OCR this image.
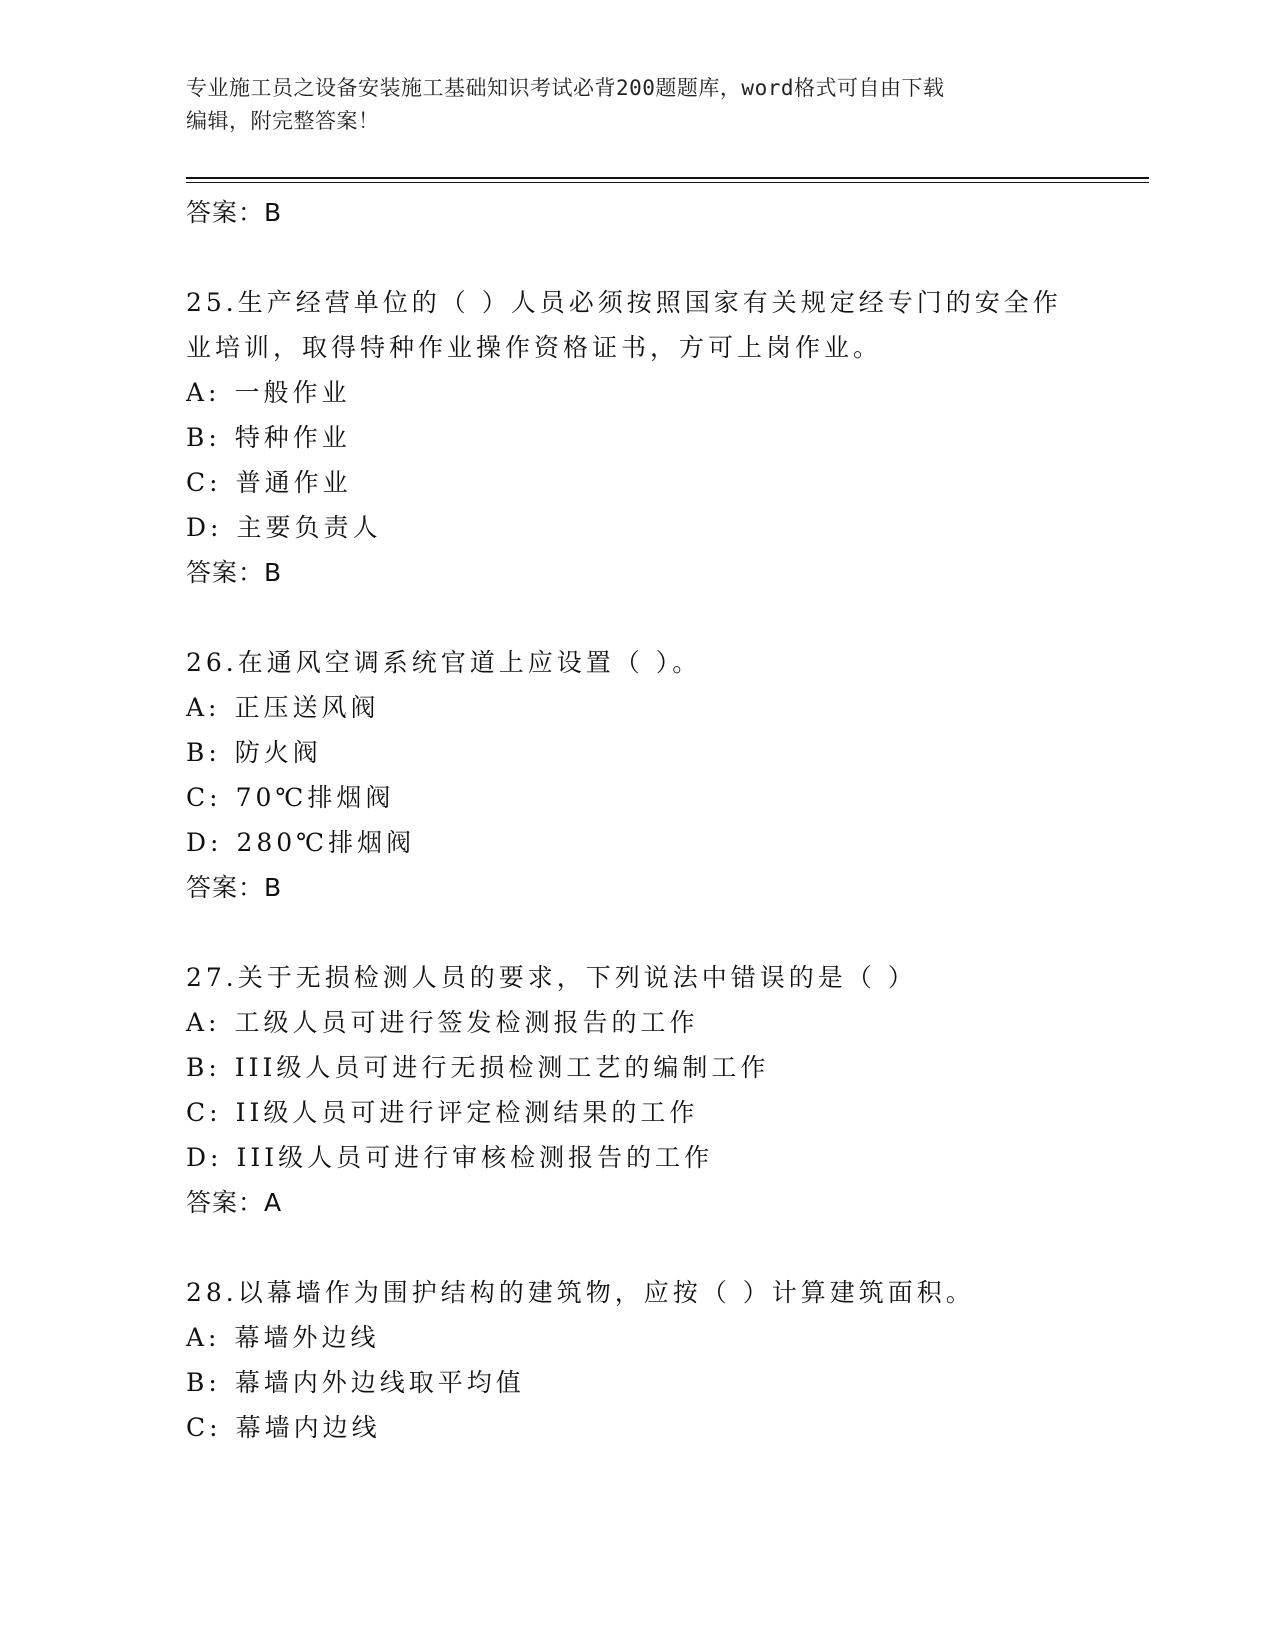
专业施工员之设备安装施工基础知识考试必背200题题库，word格式可自由下载
编辑，附完整答案！
答案：B
25.生产经营单位的（ ）人员必须按照国家有关规定经专门的安全作
业培训，取得特种作业操作资格证书，方可上岗作业。
A: 一般作业
B: 特种作业
C: 普通作业
D: 主要负责人
答案：B
26.在通风空调系统官道上应设置（ ）。
A: 正压送风阀
B: 防火阀
C: 70℃排烟阀
D: 280℃排烟阀
答案：B
27.关于无损检测人员的要求，下列说法中错误的是（ ）
A: 工级人员可进行签发检测报告的工作
B: III级人员可进行无损检测工艺的编制工作
C: II级人员可进行评定检测结果的工作
D: III级人员可进行审核检测报告的工作
答案：A
28.以幕墙作为围护结构的建筑物，应按（ ）计算建筑面积。
A: 幕墙外边线
B: 幕墙内外边线取平均值
C: 幕墙内边线
